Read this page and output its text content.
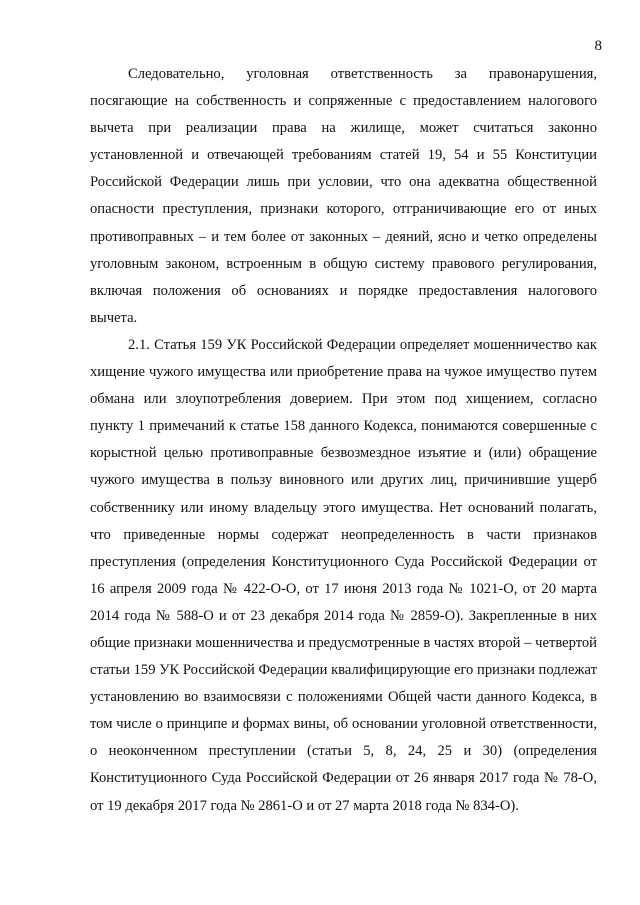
8

Следовательно, уголовная ответственность за правонарушения, посягающие на собственность и сопряженные с предоставлением налогового вычета при реализации права на жилище, может считаться законно установленной и отвечающей требованиям статей 19, 54 и 55 Конституции Российской Федерации лишь при условии, что она адекватна общественной опасности преступления, признаки которого, отграничивающие его от иных противоправных – и тем более от законных – деяний, ясно и четко определены уголовным законом, встроенным в общую систему правового регулирования, включая положения об основаниях и порядке предоставления налогового вычета.

2.1. Статья 159 УК Российской Федерации определяет мошенничество как хищение чужого имущества или приобретение права на чужое имущество путем обмана или злоупотребления доверием. При этом под хищением, согласно пункту 1 примечаний к статье 158 данного Кодекса, понимаются совершенные с корыстной целью противоправные безвозмездное изъятие и (или) обращение чужого имущества в пользу виновного или других лиц, причинившие ущерб собственнику или иному владельцу этого имущества. Нет оснований полагать, что приведенные нормы содержат неопределенность в части признаков преступления (определения Конституционного Суда Российской Федерации от 16 апреля 2009 года № 422-О-О, от 17 июня 2013 года № 1021-О, от 20 марта 2014 года № 588-О и от 23 декабря 2014 года № 2859-О). Закрепленные в них общие признаки мошенничества и предусмотренные в частях второй – четвертой статьи 159 УК Российской Федерации квалифицирующие его признаки подлежат установлению во взаимосвязи с положениями Общей части данного Кодекса, в том числе о принципе и формах вины, об основании уголовной ответственности, о неоконченном преступлении (статьи 5, 8, 24, 25 и 30) (определения Конституционного Суда Российской Федерации от 26 января 2017 года № 78-О, от 19 декабря 2017 года № 2861-О и от 27 марта 2018 года № 834-О).
